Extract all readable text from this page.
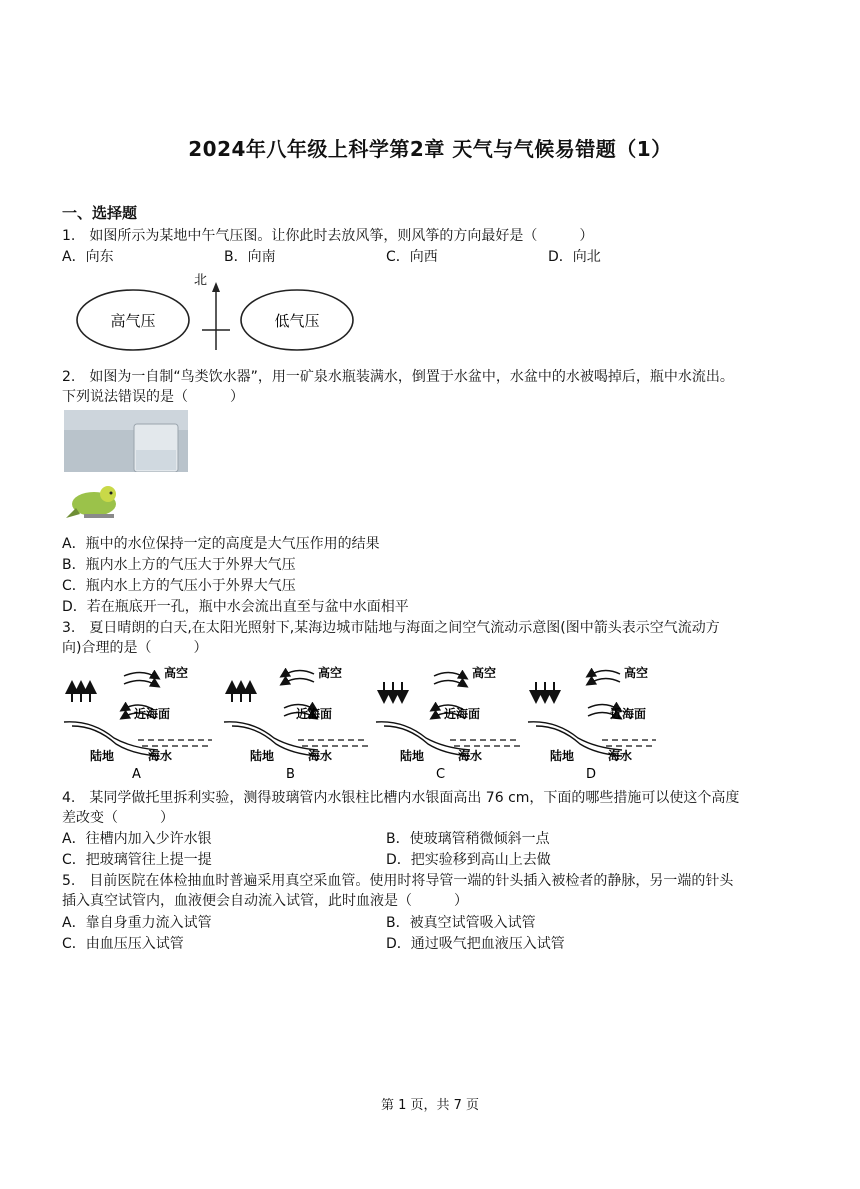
2024年八年级上科学第2章 天气与气候易错题（1）
一、选择题
1.　如图所示为某地中午气压图。让你此时去放风筝，则风筝的方向最好是（　　　）
A．向东	B．向南	C．向西	D．向北
高气压	低气压
北
2.　如图为一自制“鸟类饮水器”，用一矿泉水瓶装满水，倒置于水盆中，水盆中的水被喝掉后，瓶中水流出。
下列说法错误的是（　　　）
A．瓶中的水位保持一定的高度是大气压作用的结果
B．瓶内水上方的气压大于外界大气压
C．瓶内水上方的气压小于外界大气压
D．若在瓶底开一孔，瓶中水会流出直至与盆中水面相平
3.　夏日晴朗的白天,在太阳光照射下,某海边城市陆地与海面之间空气流动示意图(图中箭头表示空气流动方
向)合理的是（　　　）
高空
近海面
陆地	海水
A
高空
近海面
陆地	海水
B
高空
近海面
陆地	海水
C
高空
近海面
陆地	海水
D
4.　某同学做托里拆利实验，测得玻璃管内水银柱比槽内水银面高出 76 cm，下面的哪些措施可以使这个高度
差改变（　　　）
A．往槽内加入少许水银	B．使玻璃管稍微倾斜一点
C．把玻璃管往上提一提	D．把实验移到高山上去做
5.　目前医院在体检抽血时普遍采用真空采血管。使用时将导管一端的针头插入被检者的静脉，另一端的针头
插入真空试管内，血液便会自动流入试管，此时血液是（　　　）
A．靠自身重力流入试管	B．被真空试管吸入试管
C．由血压压入试管	D．通过吸气把血液压入试管
第 1 页，共 7 页
